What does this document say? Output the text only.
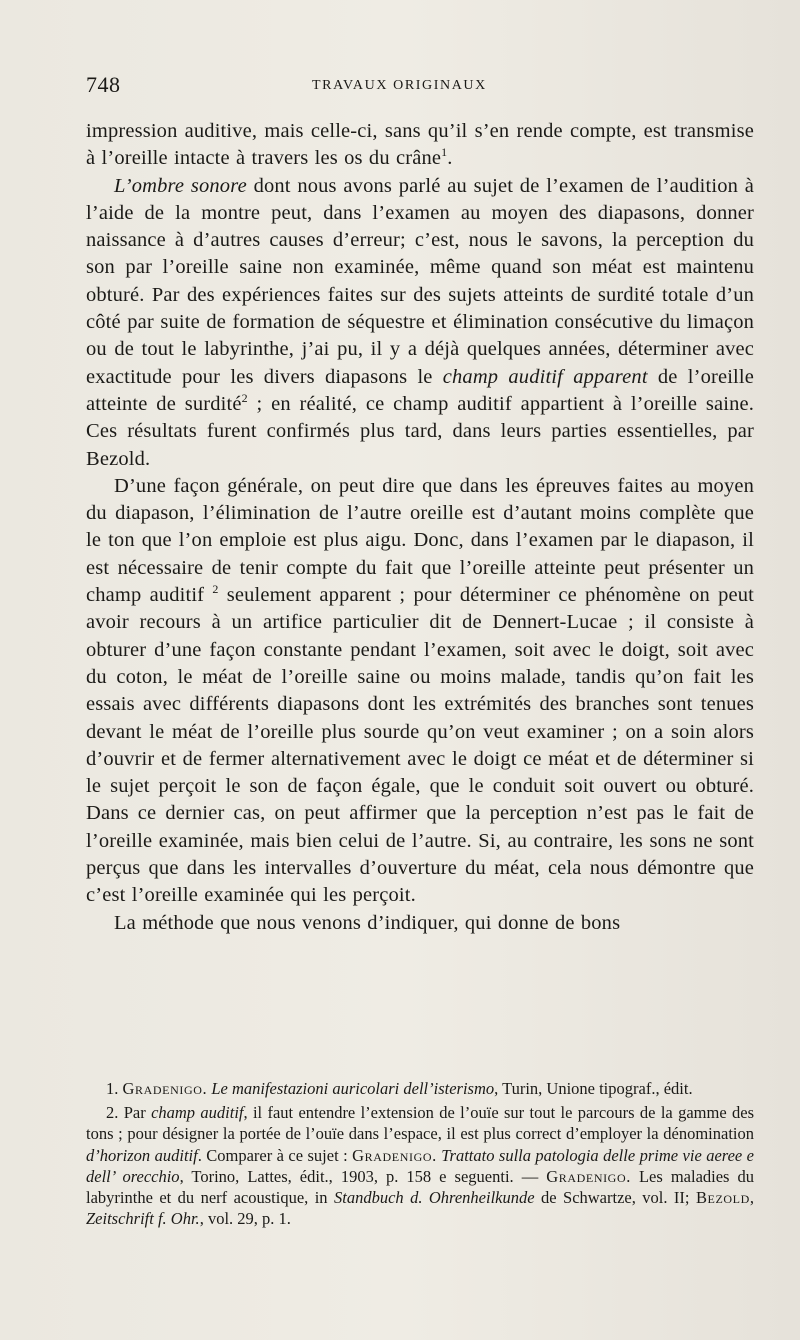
748	TRAVAUX ORIGINAUX

impression auditive, mais celle-ci, sans qu’il s’en rende compte, est transmise à l’oreille intacte à travers les os du crâne$^1$.

L’ombre sonore dont nous avons parlé au sujet de l’examen de l’audition à l’aide de la montre peut, dans l’examen au moyen des diapasons, donner naissance à d’autres causes d’erreur; c’est, nous le savons, la perception du son par l’oreille saine non examinée, même quand son méat est maintenu obturé. Par des expériences faites sur des sujets atteints de surdité totale d’un côté par suite de formation de séquestre et élimination consécutive du limaçon ou de tout le labyrinthe, j’ai pu, il y a déjà quelques années, déterminer avec exactitude pour les divers diapasons le champ auditif apparent de l’oreille atteinte de surdité$^2$ ; en réalité, ce champ auditif appartient à l’oreille saine. Ces résultats furent confirmés plus tard, dans leurs parties essentielles, par Bezold.

D’une façon générale, on peut dire que dans les épreuves faites au moyen du diapason, l’élimination de l’autre oreille est d’autant moins complète que le ton que l’on emploie est plus aigu. Donc, dans l’examen par le diapason, il est nécessaire de tenir compte du fait que l’oreille atteinte peut présenter un champ auditif $^2$ seulement apparent ; pour déterminer ce phénomène on peut avoir recours à un artifice particulier dit de Dennert-Lucae ; il consiste à obturer d’une façon constante pendant l’examen, soit avec le doigt, soit avec du coton, le méat de l’oreille saine ou moins malade, tandis qu’on fait les essais avec différents diapasons dont les extrémités des branches sont tenues devant le méat de l’oreille plus sourde qu’on veut examiner ; on a soin alors d’ouvrir et de fermer alternativement avec le doigt ce méat et de déterminer si le sujet perçoit le son de façon égale, que le conduit soit ouvert ou obturé. Dans ce dernier cas, on peut affirmer que la perception n’est pas le fait de l’oreille examinée, mais bien celui de l’autre. Si, au contraire, les sons ne sont perçus que dans les intervalles d’ouverture du méat, cela nous démontre que c’est l’oreille examinée qui les perçoit.

La méthode que nous venons d’indiquer, qui donne de bons

1. Gradenigo. Le manifestazioni auricolari dell’isterismo, Turin, Unione tipograf., édit.

2. Par champ auditif, il faut entendre l’extension de l’ouïe sur tout le parcours de la gamme des tons ; pour désigner la portée de l’ouïe dans l’espace, il est plus correct d’employer la dénomination d’horizon auditif. Comparer à ce sujet : Gradenigo. Trattato sulla patologia delle prime vie aeree e dell’ orecchio, Torino, Lattes, édit., 1903, p. 158 e seguenti. — Gradenigo. Les maladies du labyrinthe et du nerf acoustique, in Standbuch d. Ohrenheilkunde de Schwartze, vol. II; Bezold, Zeitschrift f. Ohr., vol. 29, p. 1.
